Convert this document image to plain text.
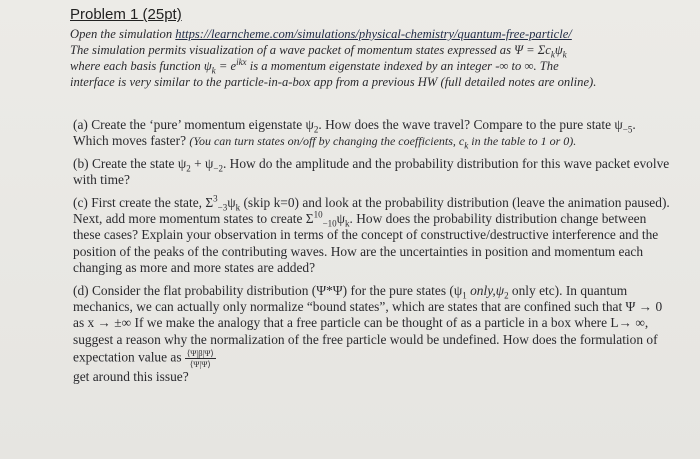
Problem 1 (25pt)
Open the simulation https://learncheme.com/simulations/physical-chemistry/quantum-free-particle/
The simulation permits visualization of a wave packet of momentum states expressed as $\Psi = \Sigma c_k\psi_k$
where each basis function $\psi_k = e^{ikx}$ is a momentum eigenstate indexed by an integer -∞ to ∞. The
interface is very similar to the particle-in-a-box app from a previous HW (full detailed notes are online).
(a) Create the ‘pure’ momentum eigenstate $\psi_2$. How does the wave travel? Compare to the pure state $\psi_{-5}$. Which moves faster? (You can turn states on/off by changing the coefficients, $c_k$ in the table to 1 or 0).
(b) Create the state $\psi_2 + \psi_{-2}$. How do the amplitude and the probability distribution for this wave packet evolve with time?
(c) First create the state, $\Sigma^3_{-3}\psi_k$ (skip k=0) and look at the probability distribution (leave the animation paused). Next, add more momentum states to create $\Sigma^{10}_{-10}\psi_k$. How does the probability distribution change between these cases? Explain your observation in terms of the concept of constructive/destructive interference and the position of the peaks of the contributing waves. How are the uncertainties in position and momentum each changing as more and more states are added?
(d) Consider the flat probability distribution (Ψ*Ψ) for the pure states ($\psi_1$ $only,\psi_2$ only etc). In quantum mechanics, we can actually only normalize “bound states”, which are states that are confined such that Ψ → 0 as x → ±∞ If we make the analogy that a free particle can be thought of as a particle in a box where L→ ∞, suggest a reason why the normalization of the free particle would be undefined. How does the formulation of expectation value as $\frac{⟨\Psi|\beta|\Psi⟩}{⟨\Psi|\Psi⟩}$

get around this issue?
